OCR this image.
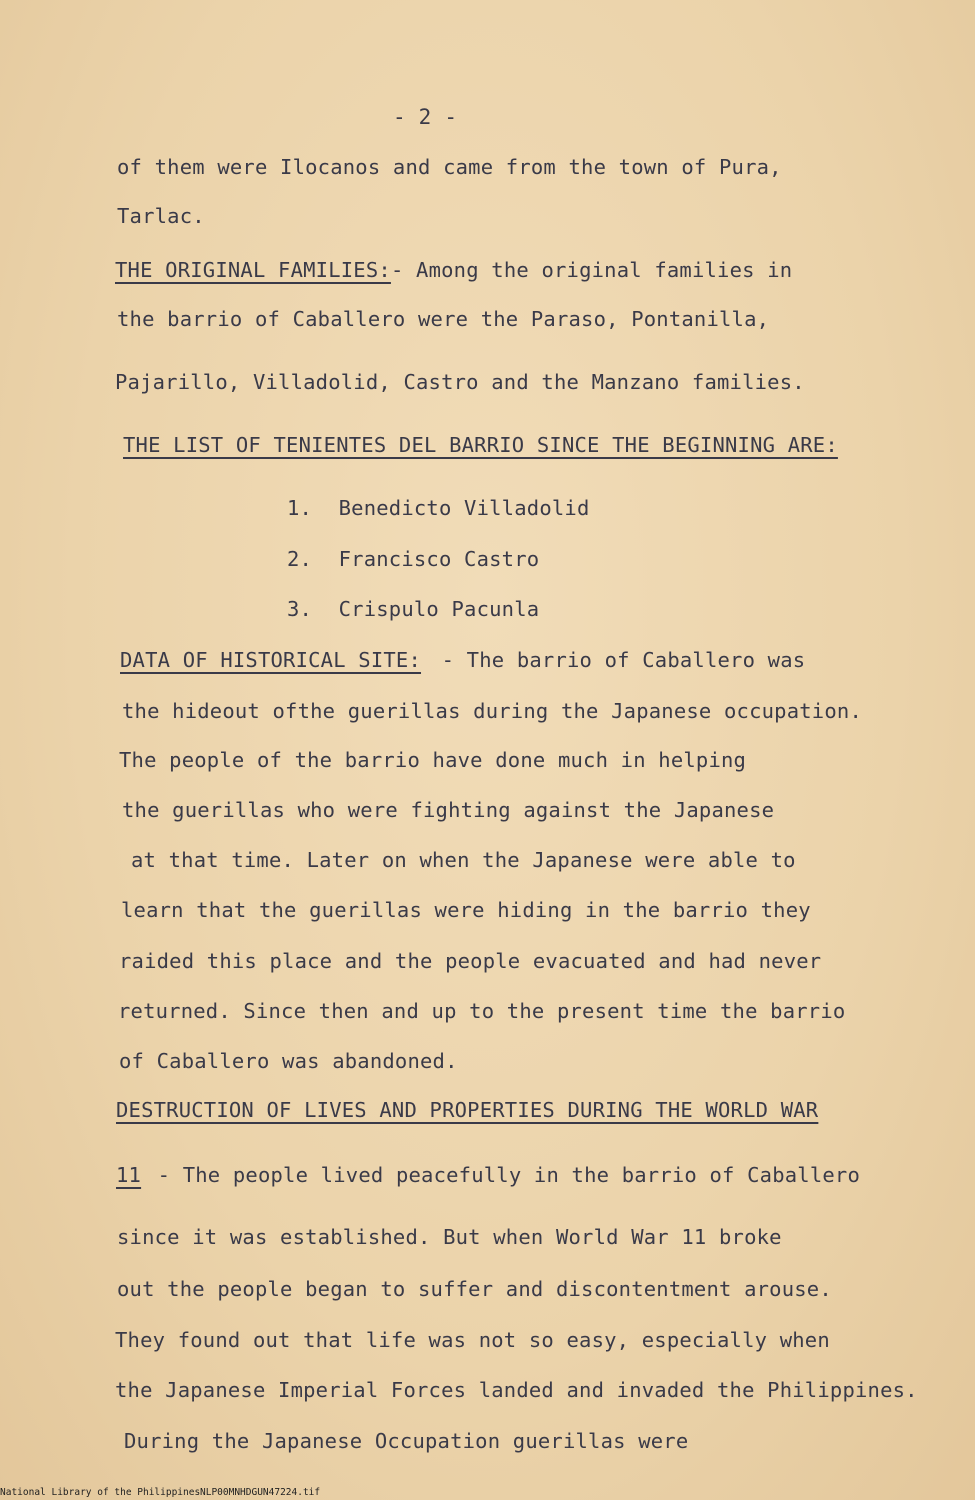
- 2 -
of them were Ilocanos and came from the town of Pura,
Tarlac.
THE ORIGINAL FAMILIES:- Among the original families in
the barrio of Caballero were the Paraso, Pontanilla,
Pajarillo, Villadolid, Castro and the Manzano families.
THE LIST OF TENIENTES DEL BARRIO SINCE THE BEGINNING ARE:
1. Benedicto Villadolid
2. Francisco Castro
3. Crispulo Pacunla
DATA OF HISTORICAL SITE: - The barrio of Caballero was
the hideout ofthe guerillas during the Japanese occupation.
The people of the barrio have done much in helping
the guerillas who were fighting against the Japanese
at that time. Later on when the Japanese were able to
learn that the guerillas were hiding in the barrio they
raided this place and the people evacuated and had never
returned. Since then and up to the present time the barrio
of Caballero was abandoned.
DESTRUCTION OF LIVES AND PROPERTIES DURING THE WORLD WAR
11 - The people lived peacefully in the barrio of Caballero
since it was established. But when World War 11 broke
out the people began to suffer and discontentment arouse.
They found out that life was not so easy, especially when
the Japanese Imperial Forces landed and invaded the Philippines.
During the Japanese Occupation guerillas were
National Library of the Philippines NLP00MNHDGUN47224.tif
